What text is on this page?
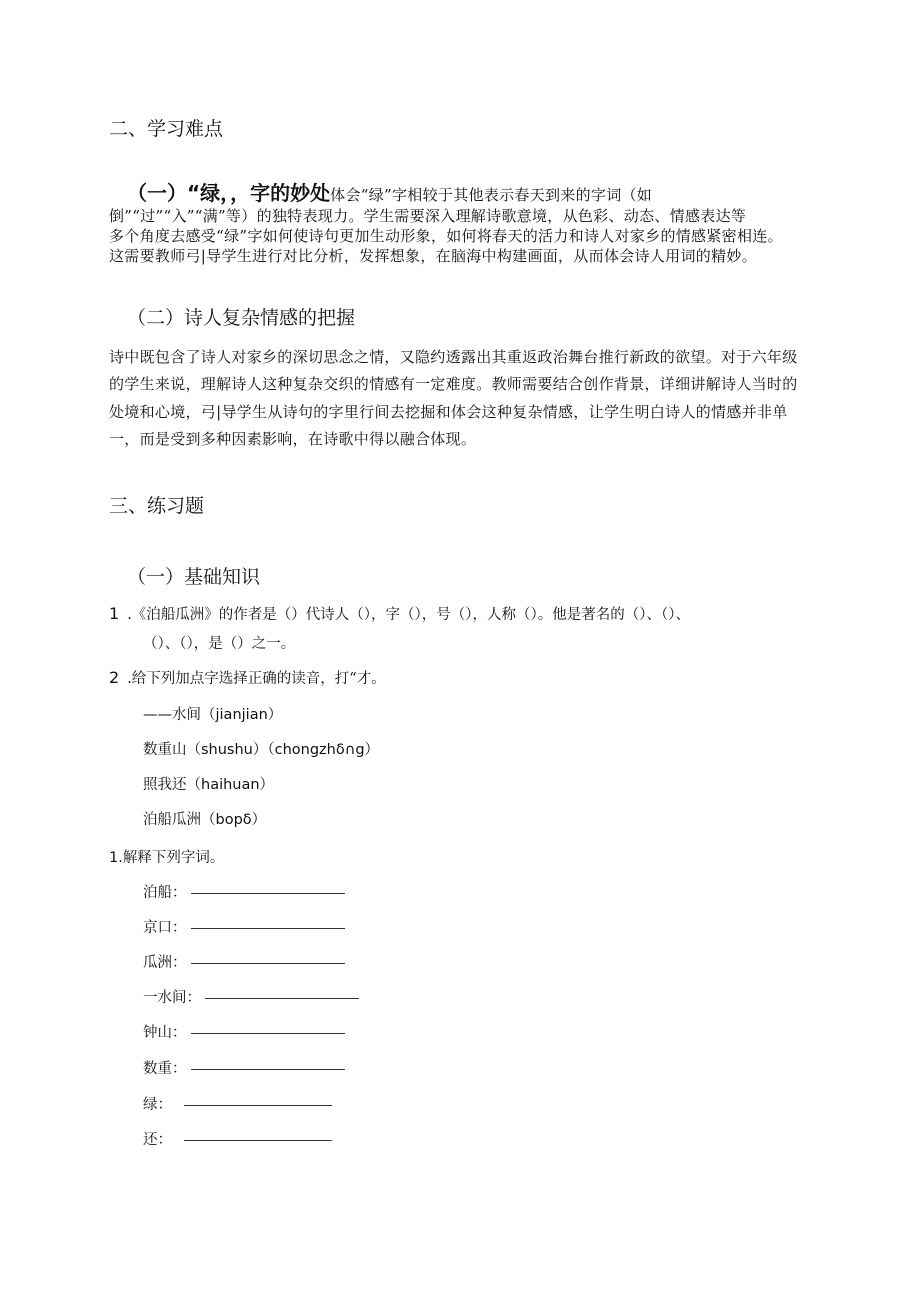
二、学习难点
（一）“绿，，字的妙处体会“绿”字相较于其他表示春天到来的字词（如
倒”“过”“入”“满”等）的独特表现力。学生需要深入理解诗歌意境，从色彩、动态、情感表达等
多个角度去感受“绿”字如何使诗句更加生动形象，如何将春天的活力和诗人对家乡的情感紧密相连。
这需要教师弓|导学生进行对比分析，发挥想象，在脑海中构建画面，从而体会诗人用词的精妙。
（二）诗人复杂情感的把握
诗中既包含了诗人对家乡的深切思念之情，又隐约透露出其重返政治舞台推行新政的欲望。对于六年级
的学生来说，理解诗人这种复杂交织的情感有一定难度。教师需要结合创作背景，详细讲解诗人当时的
处境和心境，弓|导学生从诗句的字里行间去挖掘和体会这种复杂情感，让学生明白诗人的情感并非单
一，而是受到多种因素影响，在诗歌中得以融合体现。
三、练习题
（一）基础知识
1 .《泊船瓜洲》的作者是（）代诗人（），字（），号（），人称（）。他是著名的（）、（）、
（）、（），是（）之一。
2 .给下列加点字选择正确的读音，打“才。
——水间（jianjian）
数重山（shushu）（chongzhδ∩g）
照我还（haihuan）
泊船瓜洲（bopδ）
1.解释下列字词。
泊船：
京口：
瓜洲：
一水间：
钟山：
数重：
绿：
还：
